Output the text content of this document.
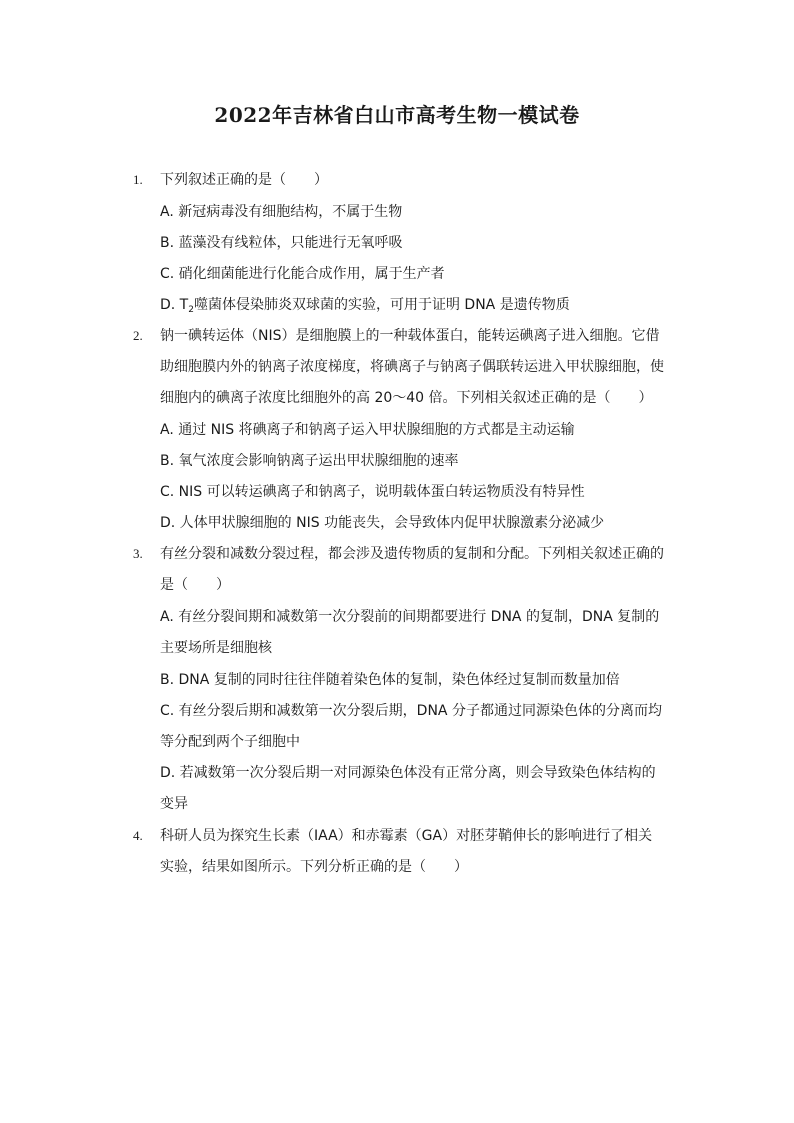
2022年吉林省白山市高考生物一模试卷
1. 下列叙述正确的是（　　）
A. 新冠病毒没有细胞结构，不属于生物
B. 蓝藻没有线粒体，只能进行无氧呼吸
C. 硝化细菌能进行化能合成作用，属于生产者
D. $T_2$噬菌体侵染肺炎双球菌的实验，可用于证明 DNA 是遗传物质
2. 钠一碘转运体（NIS）是细胞膜上的一种载体蛋白，能转运碘离子进入细胞。它借
助细胞膜内外的钠离子浓度梯度，将碘离子与钠离子偶联转运进入甲状腺细胞，使
细胞内的碘离子浓度比细胞外的高 20～40 倍。下列相关叙述正确的是（　　）
A. 通过 NIS 将碘离子和钠离子运入甲状腺细胞的方式都是主动运输
B. 氧气浓度会影响钠离子运出甲状腺细胞的速率
C. NIS 可以转运碘离子和钠离子，说明载体蛋白转运物质没有特异性
D. 人体甲状腺细胞的 NIS 功能丧失，会导致体内促甲状腺激素分泌减少
3. 有丝分裂和减数分裂过程，都会涉及遗传物质的复制和分配。下列相关叙述正确的
是（　　）
A. 有丝分裂间期和减数第一次分裂前的间期都要进行 DNA 的复制，DNA 复制的
主要场所是细胞核
B. DNA 复制的同时往往伴随着染色体的复制，染色体经过复制而数量加倍
C. 有丝分裂后期和减数第一次分裂后期，DNA 分子都通过同源染色体的分离而均
等分配到两个子细胞中
D. 若减数第一次分裂后期一对同源染色体没有正常分离，则会导致染色体结构的
变异
4. 科研人员为探究生长素（IAA）和赤霉素（GA）对胚芽鞘伸长的影响进行了相关
实验，结果如图所示。下列分析正确的是（　　）
